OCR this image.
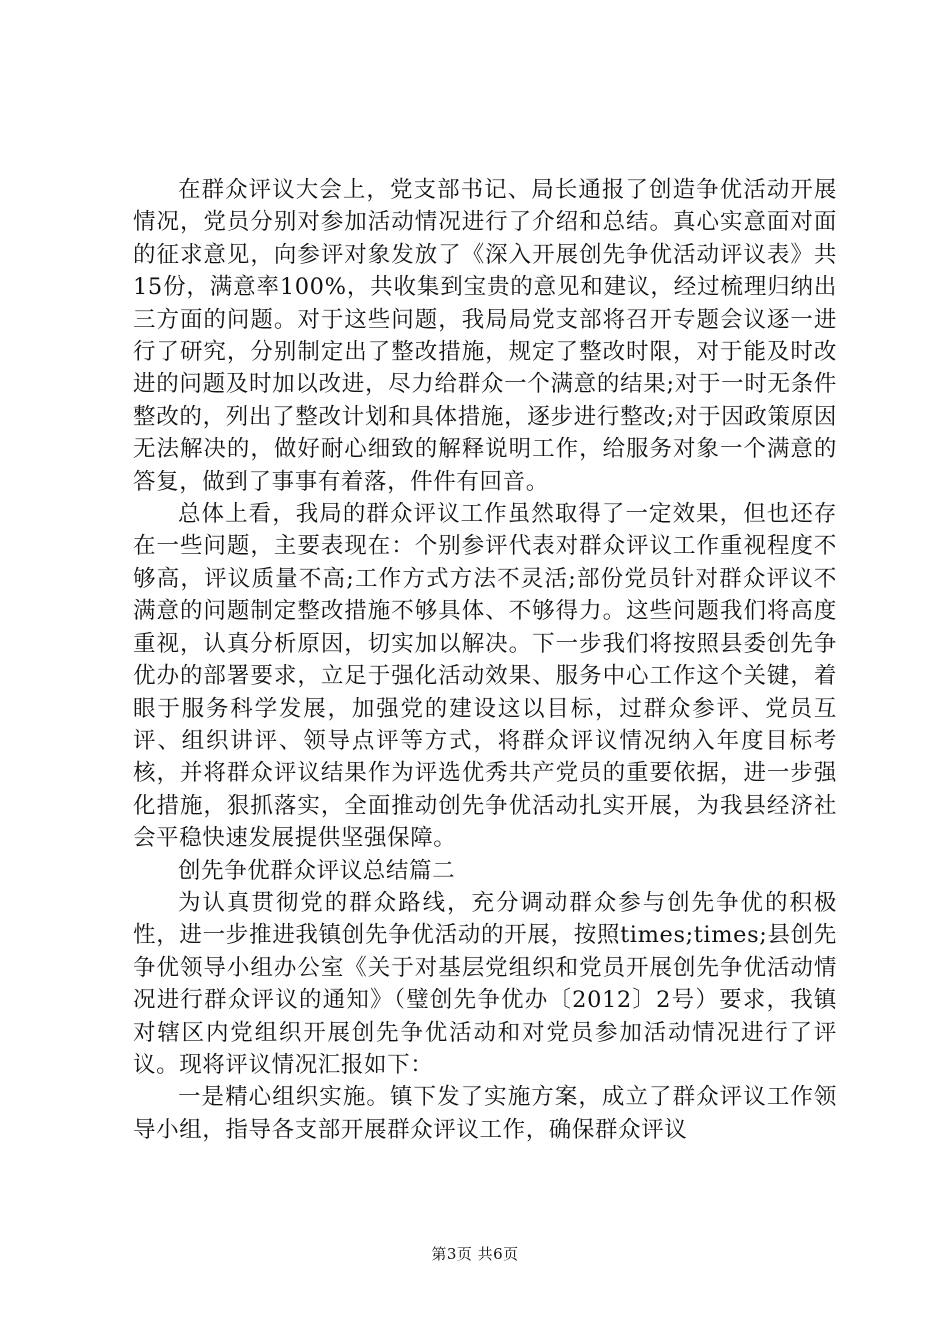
在群众评议大会上，党支部书记、局长通报了创造争优活动开展情况，党员分别对参加活动情况进行了介绍和总结。真心实意面对面的征求意见，向参评对象发放了《深入开展创先争优活动评议表》共15份，满意率100%，共收集到宝贵的意见和建议，经过梳理归纳出三方面的问题。对于这些问题，我局局党支部将召开专题会议逐一进行了研究，分别制定出了整改措施，规定了整改时限，对于能及时改进的问题及时加以改进，尽力给群众一个满意的结果;对于一时无条件整改的，列出了整改计划和具体措施，逐步进行整改;对于因政策原因无法解决的，做好耐心细致的解释说明工作，给服务对象一个满意的答复，做到了事事有着落，件件有回音。

总体上看，我局的群众评议工作虽然取得了一定效果，但也还存在一些问题，主要表现在：个别参评代表对群众评议工作重视程度不够高，评议质量不高;工作方式方法不灵活;部份党员针对群众评议不满意的问题制定整改措施不够具体、不够得力。这些问题我们将高度重视，认真分析原因，切实加以解决。下一步我们将按照县委创先争优办的部署要求，立足于强化活动效果、服务中心工作这个关键，着眼于服务科学发展，加强党的建设这以目标，过群众参评、党员互评、组织讲评、领导点评等方式，将群众评议情况纳入年度目标考核，并将群众评议结果作为评选优秀共产党员的重要依据，进一步强化措施，狠抓落实，全面推动创先争优活动扎实开展，为我县经济社会平稳快速发展提供坚强保障。

创先争优群众评议总结篇二

为认真贯彻党的群众路线，充分调动群众参与创先争优的积极性，进一步推进我镇创先争优活动的开展，按照times;times;县创先争优领导小组办公室《关于对基层党组织和党员开展创先争优活动情况进行群众评议的通知》（璧创先争优办〔2012〕2号）要求，我镇对辖区内党组织开展创先争优活动和对党员参加活动情况进行了评议。现将评议情况汇报如下：

一是精心组织实施。镇下发了实施方案，成立了群众评议工作领导小组，指导各支部开展群众评议工作，确保群众评议

第3页 共6页
